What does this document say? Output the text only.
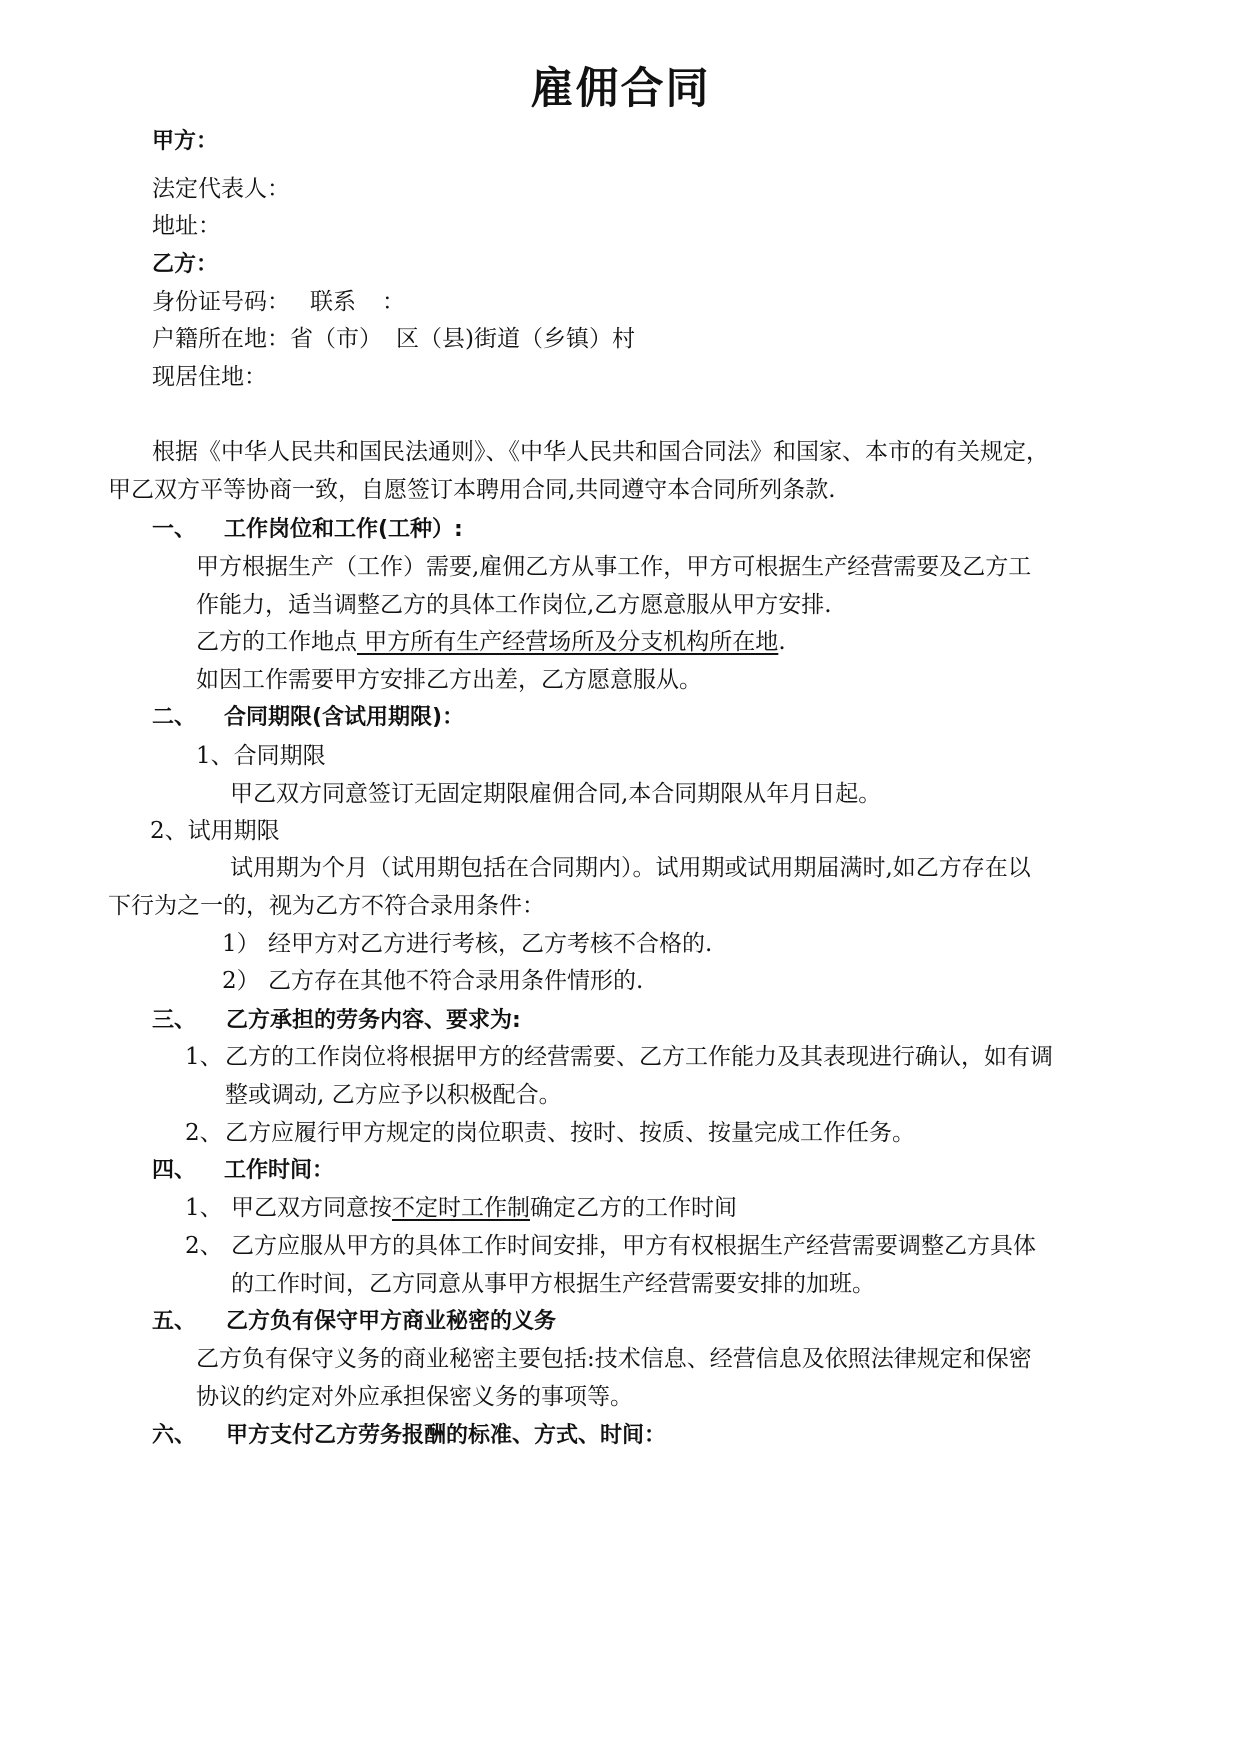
雇佣合同
甲方：
法定代表人：
地址：
乙方：
身份证号码： 联系 ：
户籍所在地：省（市） 区（县)街道（乡镇）村
现居住地：
根据《中华人民共和国民法通则》、《中华人民共和国合同法》和国家、本市的有关规定，
甲乙双方平等协商一致，自愿签订本聘用合同,共同遵守本合同所列条款.
一、 工作岗位和工作(工种）:
甲方根据生产（工作）需要,雇佣乙方从事工作，甲方可根据生产经营需要及乙方工
作能力，适当调整乙方的具体工作岗位,乙方愿意服从甲方安排.
乙方的工作地点 甲方所有生产经营场所及分支机构所在地.
如因工作需要甲方安排乙方出差，乙方愿意服从。
二、 合同期限(含试用期限)：
1、合同期限
甲乙双方同意签订无固定期限雇佣合同,本合同期限从年月日起。
2、试用期限
试用期为个月（试用期包括在合同期内）。试用期或试用期届满时,如乙方存在以
下行为之一的，视为乙方不符合录用条件：
1） 经甲方对乙方进行考核，乙方考核不合格的.
2） 乙方存在其他不符合录用条件情形的.
三、 乙方承担的劳务内容、要求为:
1、 乙方的工作岗位将根据甲方的经营需要、乙方工作能力及其表现进行确认，如有调
整或调动, 乙方应予以积极配合。
2、 乙方应履行甲方规定的岗位职责、按时、按质、按量完成工作任务。
四、 工作时间：
1、 甲乙双方同意按不定时工作制确定乙方的工作时间
2、 乙方应服从甲方的具体工作时间安排，甲方有权根据生产经营需要调整乙方具体
的工作时间，乙方同意从事甲方根据生产经营需要安排的加班。
五、 乙方负有保守甲方商业秘密的义务
乙方负有保守义务的商业秘密主要包括:技术信息、经营信息及依照法律规定和保密
协议的约定对外应承担保密义务的事项等。
六、 甲方支付乙方劳务报酬的标准、方式、时间：
